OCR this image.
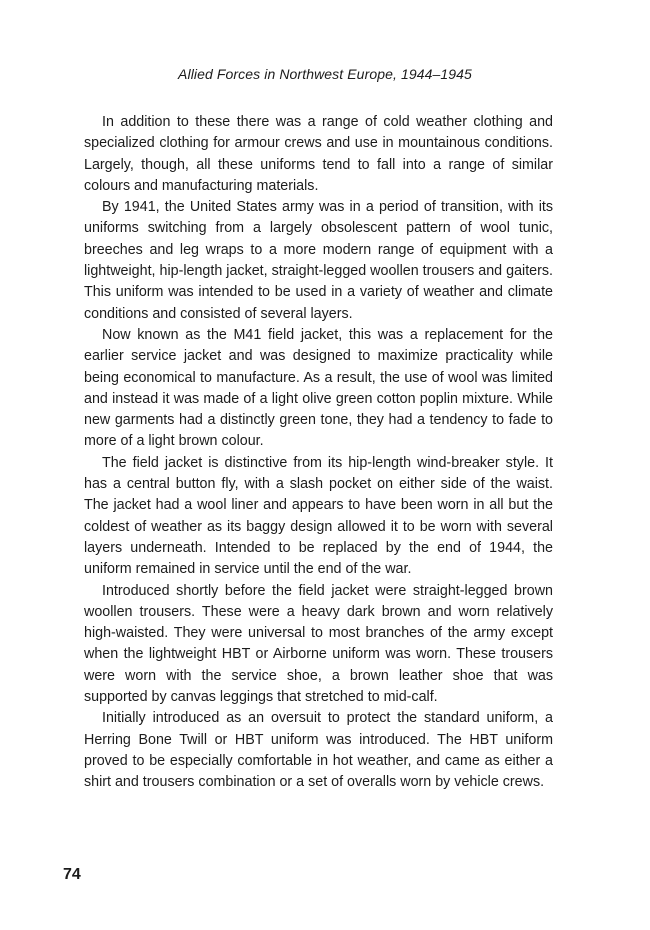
Allied Forces in Northwest Europe, 1944–1945

In addition to these there was a range of cold weather clothing and specialized clothing for armour crews and use in mountainous conditions. Largely, though, all these uniforms tend to fall into a range of similar colours and manufacturing materials.

By 1941, the United States army was in a period of transition, with its uniforms switching from a largely obsolescent pattern of wool tunic, breeches and leg wraps to a more modern range of equipment with a lightweight, hip-length jacket, straight-legged woollen trousers and gaiters. This uniform was intended to be used in a variety of weather and climate conditions and consisted of several layers.

Now known as the M41 field jacket, this was a replacement for the earlier service jacket and was designed to maximize practicality while being economical to manufacture. As a result, the use of wool was limited and instead it was made of a light olive green cotton poplin mixture. While new garments had a distinctly green tone, they had a tendency to fade to more of a light brown colour.

The field jacket is distinctive from its hip-length wind-breaker style. It has a central button fly, with a slash pocket on either side of the waist. The jacket had a wool liner and appears to have been worn in all but the coldest of weather as its baggy design allowed it to be worn with several layers underneath. Intended to be replaced by the end of 1944, the uniform remained in service until the end of the war.

Introduced shortly before the field jacket were straight-legged brown woollen trousers. These were a heavy dark brown and worn relatively high-waisted. They were universal to most branches of the army except when the lightweight HBT or Airborne uniform was worn. These trousers were worn with the service shoe, a brown leather shoe that was supported by canvas leggings that stretched to mid-calf.

Initially introduced as an oversuit to protect the standard uniform, a Herring Bone Twill or HBT uniform was introduced. The HBT uniform proved to be especially comfortable in hot weather, and came as either a shirt and trousers combination or a set of overalls worn by vehicle crews.

74
